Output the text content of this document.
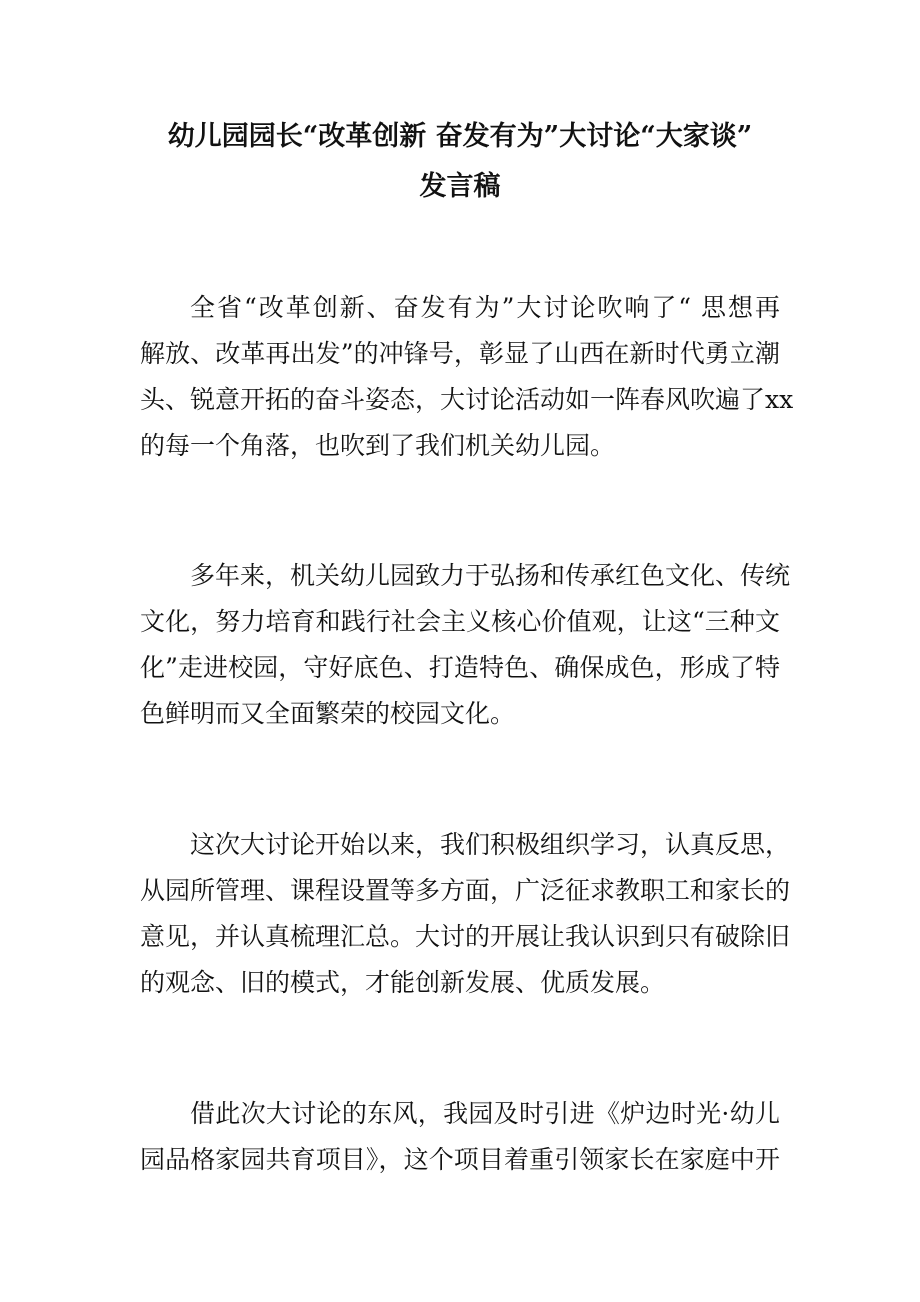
幼儿园园长“改革创新 奋发有为”大讨论“大家谈”
发言稿

全省“改革创新、奋发有为”大讨论吹响了“ 思想再
解放、改革再出发”的冲锋号，彰显了山西在新时代勇立潮
头、锐意开拓的奋斗姿态，大讨论活动如一阵春风吹遍了xx
的每一个角落，也吹到了我们机关幼儿园。

多年来，机关幼儿园致力于弘扬和传承红色文化、传统
文化，努力培育和践行社会主义核心价值观，让这“三种文
化”走进校园，守好底色、打造特色、确保成色，形成了特
色鲜明而又全面繁荣的校园文化。

这次大讨论开始以来，我们积极组织学习，认真反思，
从园所管理、课程设置等多方面，广泛征求教职工和家长的
意见，并认真梳理汇总。大讨的开展让我认识到只有破除旧
的观念、旧的模式，才能创新发展、优质发展。

借此次大讨论的东风，我园及时引进《炉边时光·幼儿
园品格家园共育项目》，这个项目着重引领家长在家庭中开
